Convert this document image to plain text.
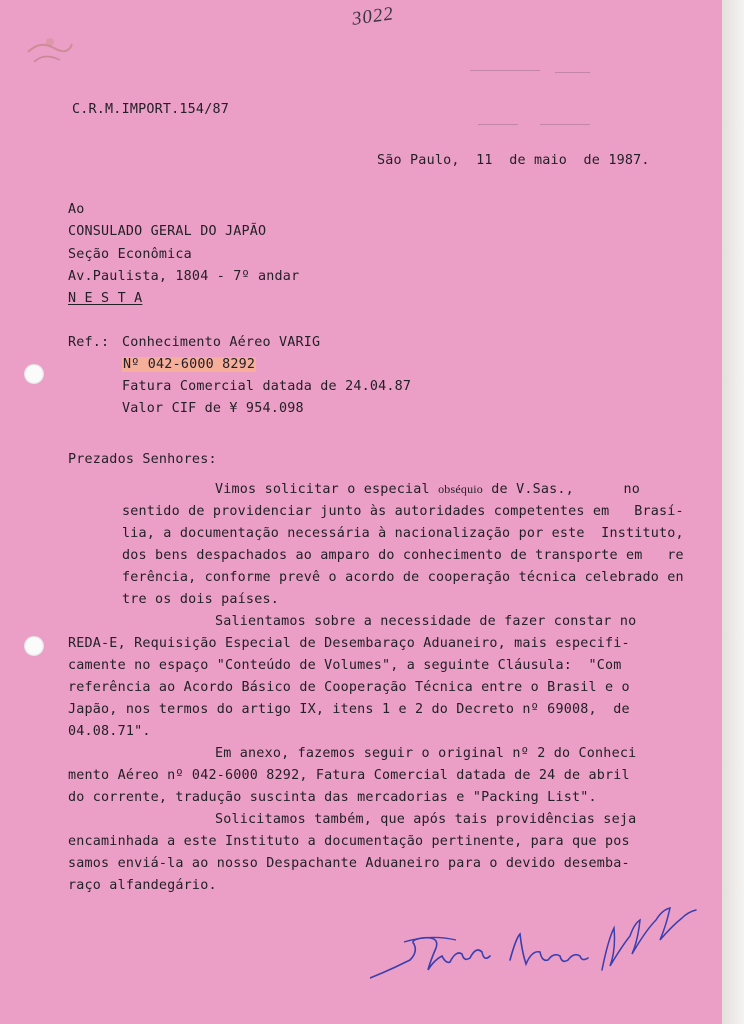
3022
C.R.M.IMPORT.154/87
São Paulo,  11  de maio  de 1987.
Ao
CONSULADO GERAL DO JAPÃO
Seção Econômica
Av.Paulista, 1804 - 7º andar
N E S T A
Ref.: Conhecimento Aéreo VARIG
Nº 042-6000 8292
Fatura Comercial datada de 24.04.87
Valor CIF de ¥ 954.098
Prezados Senhores:
Vimos solicitar o especial obséquio de V.Sas.,      no
sentido de providenciar junto às autoridades competentes em   Brasí-
lia, a documentação necessária à nacionalização por este  Instituto,
dos bens despachados ao amparo do conhecimento de transporte em   re
ferência, conforme prevê o acordo de cooperação técnica celebrado en
tre os dois países.
Salientamos sobre a necessidade de fazer constar no
REDA-E, Requisição Especial de Desembaraço Aduaneiro, mais especifi-
camente no espaço "Conteúdo de Volumes", a seguinte Cláusula:  "Com
referência ao Acordo Básico de Cooperação Técnica entre o Brasil e o
Japão, nos termos do artigo IX, itens 1 e 2 do Decreto nº 69008,  de
04.08.71".
Em anexo, fazemos seguir o original nº 2 do Conheci
mento Aéreo nº 042-6000 8292, Fatura Comercial datada de 24 de abril
do corrente, tradução suscinta das mercadorias e "Packing List".
Solicitamos também, que após tais providências seja
encaminhada a este Instituto a documentação pertinente, para que pos
samos enviá-la ao nosso Despachante Aduaneiro para o devido desemba-
raço alfandegário.
